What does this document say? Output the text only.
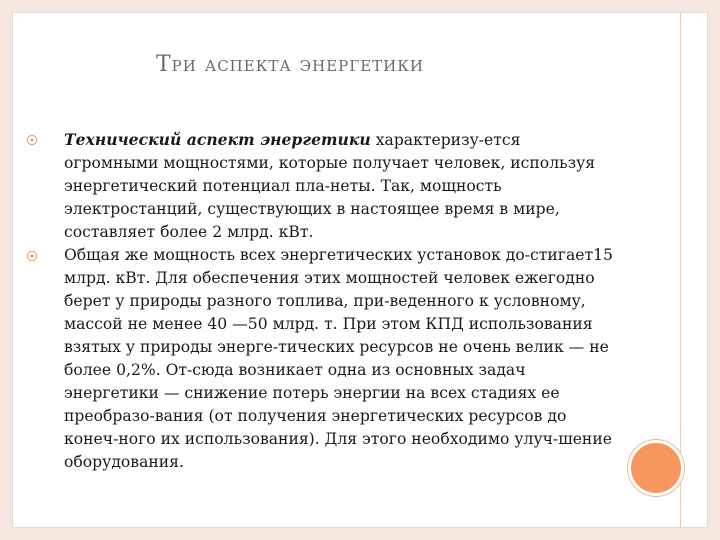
Три аспекта энергетики
Технический аспект энергетики характеризу-ется огромными мощностями, которые получает человек, используя энергетический потенциал пла-неты. Так, мощность электростанций, существующих в настоящее время в мире, составляет более 2 млрд. кВт.
Общая же мощность всех энергетических установок до-стигает15 млрд. кВт. Для обеспечения этих мощностей человек ежегодно берет у природы разного топлива, при-веденного к условному, массой не менее 40 —50 млрд. т. При этом КПД использования взятых у природы энерге-тических ресурсов не очень велик — не более 0,2%. От-сюда возникает одна из основных задач энергетики — снижение потерь энергии на всех стадиях ее преобразо-вания (от получения энергетических ресурсов до конеч-ного их использования). Для этого необходимо улуч-шение оборудования.
